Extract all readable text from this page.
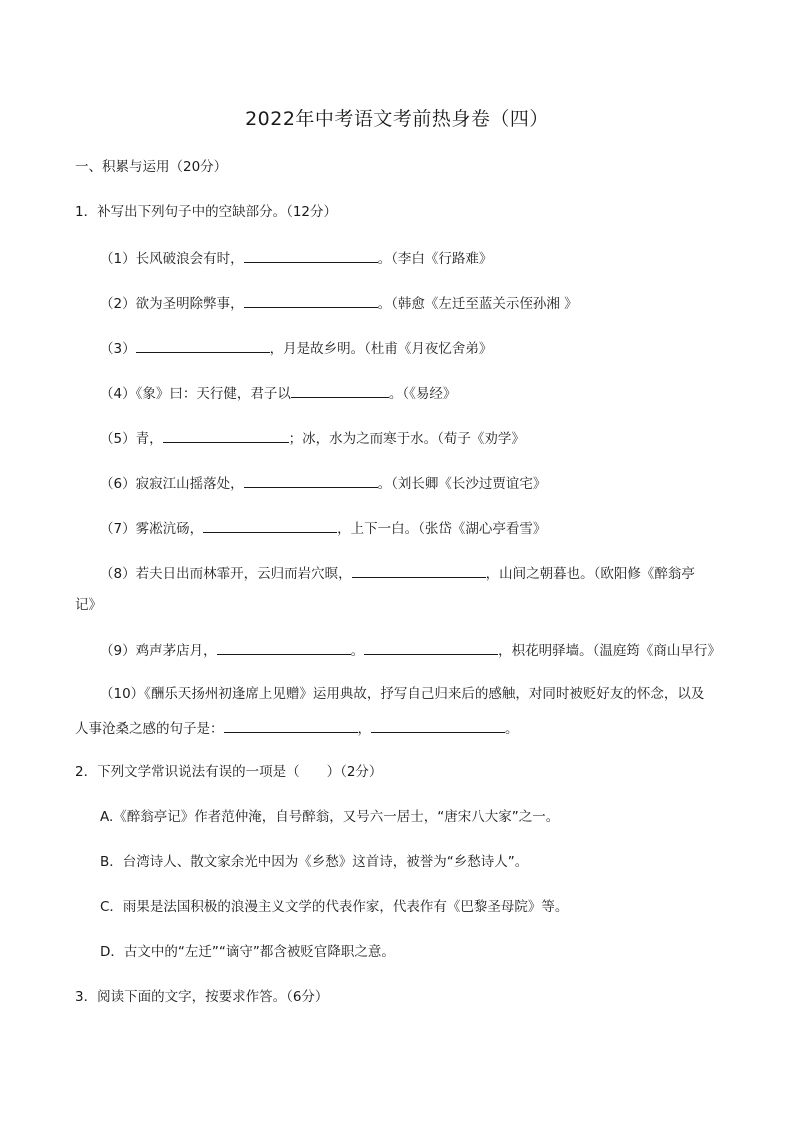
2022年中考语文考前热身卷（四）
一、积累与运用（20分）
1．补写出下列句子中的空缺部分。（12分）
（1）长风破浪会有时，	。（李白《行路难》
（2）欲为圣明除弊事，	。（韩愈《左迁至蓝关示侄孙湘 》
（3）	，月是故乡明。（杜甫《月夜忆舍弟》
（4）《象》曰：天行健，君子以	。（《易经》
（5）青，	；冰，水为之而寒于水。（荀子《劝学》
（6）寂寂江山摇落处，	。（刘长卿《长沙过贾谊宅》
（7）雾凇沆砀，	，上下一白。（张岱《湖心亭看雪》
（8）若夫日出而林霏开，云归而岩穴暝，	，山间之朝暮也。（欧阳修《醉翁亭
记》
（9）鸡声茅店月，	。	，枳花明驿墙。（温庭筠《商山早行》
（10）《酬乐天扬州初逢席上见赠》运用典故，抒写自己归来后的感触，对同时被贬好友的怀念，以及
人事沧桑之感的句子是：	，	。
2．下列文学常识说法有误的一项是（　　）（2分）
A.《醉翁亭记》作者范仲淹，自号醉翁，又号六一居士，“唐宋八大家”之一。
B．台湾诗人、散文家余光中因为《乡愁》这首诗，被誉为“乡愁诗人”。
C．雨果是法国积极的浪漫主义文学的代表作家，代表作有《巴黎圣母院》等。
D．古文中的“左迁”“谪守”都含被贬官降职之意。
3．阅读下面的文字，按要求作答。（6分）
